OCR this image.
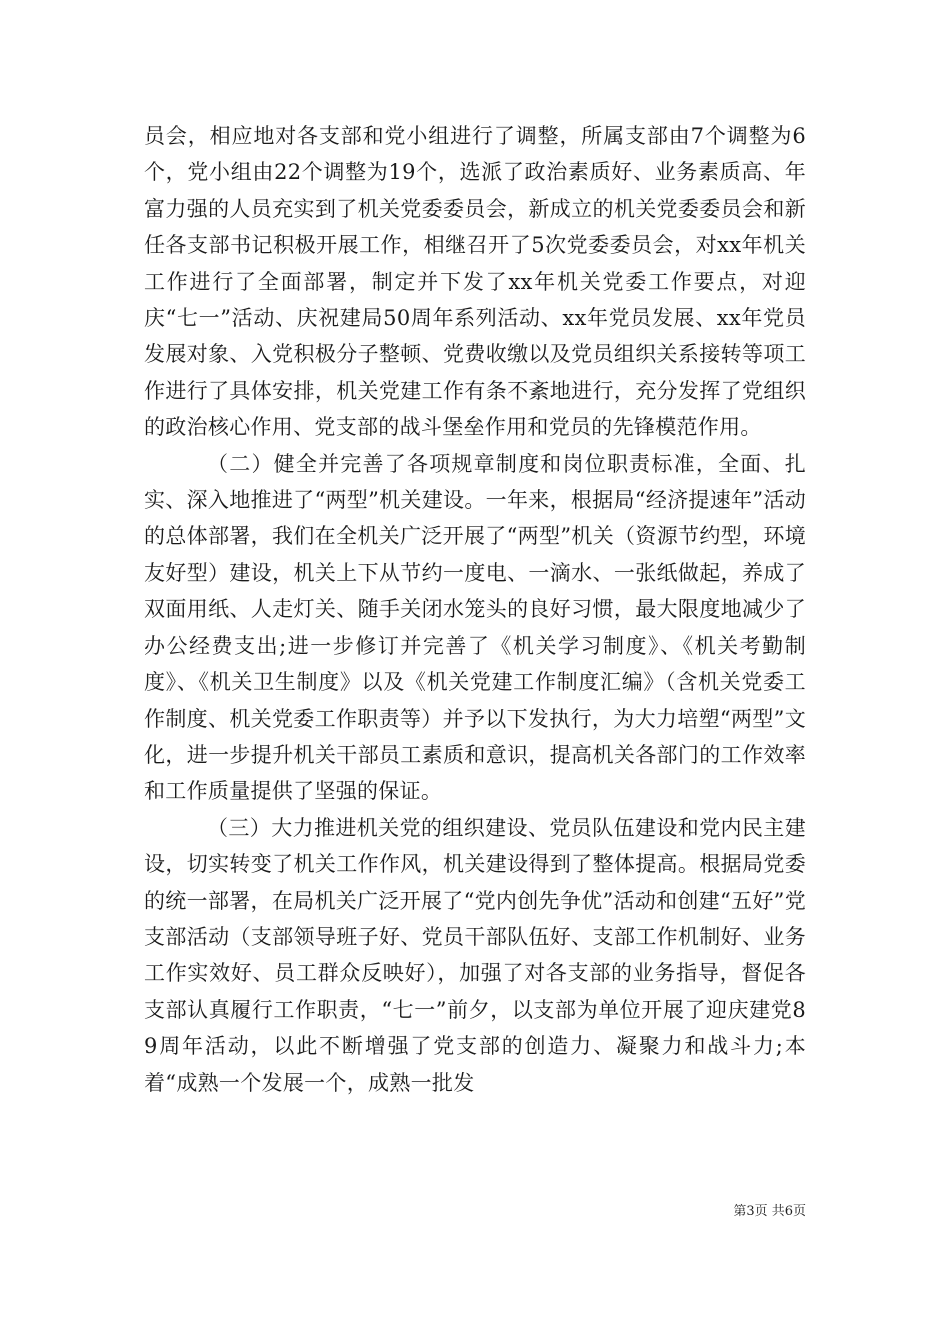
员会，相应地对各支部和党小组进行了调整，所属支部由7个调整为6个，党小组由22个调整为19个，选派了政治素质好、业务素质高、年富力强的人员充实到了机关党委委员会，新成立的机关党委委员会和新任各支部书记积极开展工作，相继召开了5次党委委员会，对xx年机关工作进行了全面部署，制定并下发了xx年机关党委工作要点，对迎庆“七一”活动、庆祝建局50周年系列活动、xx年党员发展、xx年党员发展对象、入党积极分子整顿、党费收缴以及党员组织关系接转等项工作进行了具体安排，机关党建工作有条不紊地进行，充分发挥了党组织的政治核心作用、党支部的战斗堡垒作用和党员的先锋模范作用。

（二）健全并完善了各项规章制度和岗位职责标准，全面、扎实、深入地推进了“两型”机关建设。一年来，根据局“经济提速年”活动的总体部署，我们在全机关广泛开展了“两型”机关（资源节约型，环境友好型）建设，机关上下从节约一度电、一滴水、一张纸做起，养成了双面用纸、人走灯关、随手关闭水笼头的良好习惯，最大限度地减少了办公经费支出;进一步修订并完善了《机关学习制度》、《机关考勤制度》、《机关卫生制度》以及《机关党建工作制度汇编》（含机关党委工作制度、机关党委工作职责等）并予以下发执行，为大力培塑“两型”文化，进一步提升机关干部员工素质和意识，提高机关各部门的工作效率和工作质量提供了坚强的保证。

（三）大力推进机关党的组织建设、党员队伍建设和党内民主建设，切实转变了机关工作作风，机关建设得到了整体提高。根据局党委的统一部署，在局机关广泛开展了“党内创先争优”活动和创建“五好”党支部活动（支部领导班子好、党员干部队伍好、支部工作机制好、业务工作实效好、员工群众反映好），加强了对各支部的业务指导，督促各支部认真履行工作职责，“七一”前夕，以支部为单位开展了迎庆建党89周年活动，以此不断增强了党支部的创造力、凝聚力和战斗力;本着“成熟一个发展一个，成熟一批发

第3页 共6页
